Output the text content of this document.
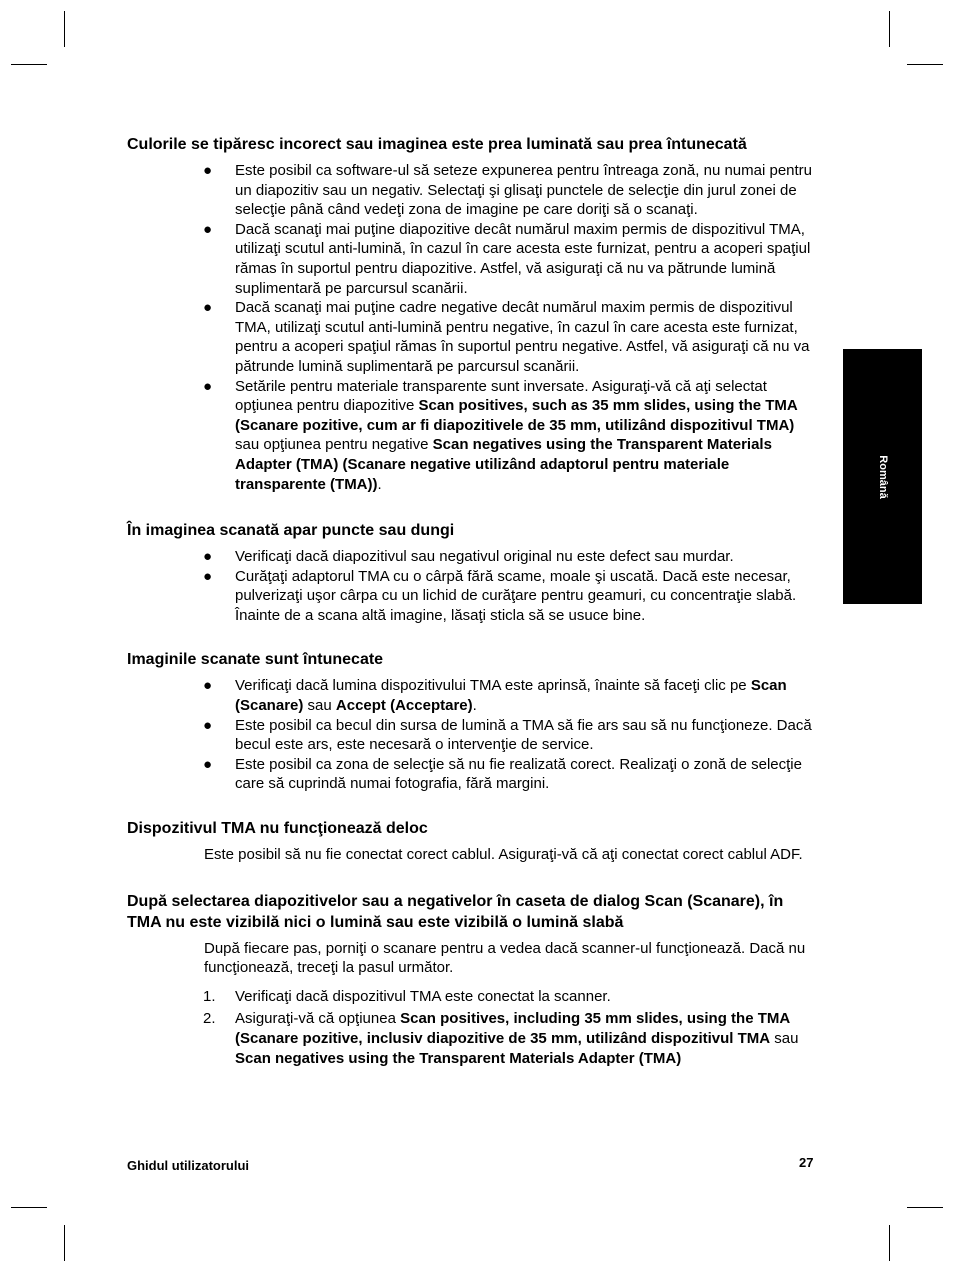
Română
Culorile se tipăresc incorect sau imaginea este prea luminată sau prea întunecată
● Este posibil ca software-ul să seteze expunerea pentru întreaga zonă, nu numai pentru un diapozitiv sau un negativ. Selectaţi şi glisaţi punctele de selecţie din jurul zonei de selecţie până când vedeţi zona de imagine pe care doriţi să o scanaţi.
● Dacă scanaţi mai puţine diapozitive decât numărul maxim permis de dispozitivul TMA, utilizaţi scutul anti-lumină, în cazul în care acesta este furnizat, pentru a acoperi spaţiul rămas în suportul pentru diapozitive. Astfel, vă asiguraţi că nu va pătrunde lumină suplimentară pe parcursul scanării.
● Dacă scanaţi mai puţine cadre negative decât numărul maxim permis de dispozitivul TMA, utilizaţi scutul anti-lumină pentru negative, în cazul în care acesta este furnizat, pentru a acoperi spaţiul rămas în suportul pentru negative. Astfel, vă asiguraţi că nu va pătrunde lumină suplimentară pe parcursul scanării.
● Setările pentru materiale transparente sunt inversate. Asiguraţi-vă că aţi selectat opţiunea pentru diapozitive Scan positives, such as 35 mm slides, using the TMA (Scanare pozitive, cum ar fi diapozitivele de 35 mm, utilizând dispozitivul TMA) sau opţiunea pentru negative Scan negatives using the Transparent Materials Adapter (TMA) (Scanare negative utilizând adaptorul pentru materiale transparente (TMA)).
În imaginea scanată apar puncte sau dungi
● Verificaţi dacă diapozitivul sau negativul original nu este defect sau murdar.
● Curăţaţi adaptorul TMA cu o cârpă fără scame, moale şi uscată. Dacă este necesar, pulverizaţi uşor cârpa cu un lichid de curăţare pentru geamuri, cu concentraţie slabă. Înainte de a scana altă imagine, lăsaţi sticla să se usuce bine.
Imaginile scanate sunt întunecate
● Verificaţi dacă lumina dispozitivului TMA este aprinsă, înainte să faceţi clic pe Scan (Scanare) sau Accept (Acceptare).
● Este posibil ca becul din sursa de lumină a TMA să fie ars sau să nu funcţioneze. Dacă becul este ars, este necesară o intervenţie de service.
● Este posibil ca zona de selecţie să nu fie realizată corect. Realizaţi o zonă de selecţie care să cuprindă numai fotografia, fără margini.
Dispozitivul TMA nu funcţionează deloc

Este posibil să nu fie conectat corect cablul. Asiguraţi-vă că aţi conectat corect cablul ADF.

După selectarea diapozitivelor sau a negativelor în caseta de dialog Scan (Scanare), în TMA nu este vizibilă nici o lumină sau este vizibilă o lumină slabă

După fiecare pas, porniţi o scanare pentru a vedea dacă scanner-ul funcţionează. Dacă nu funcţionează, treceţi la pasul următor.

1. Verificaţi dacă dispozitivul TMA este conectat la scanner.
2. Asiguraţi-vă că opţiunea Scan positives, including 35 mm slides, using the TMA (Scanare pozitive, inclusiv diapozitive de 35 mm, utilizând dispozitivul TMA sau Scan negatives using the Transparent Materials Adapter (TMA)
Ghidul utilizatorului	27
